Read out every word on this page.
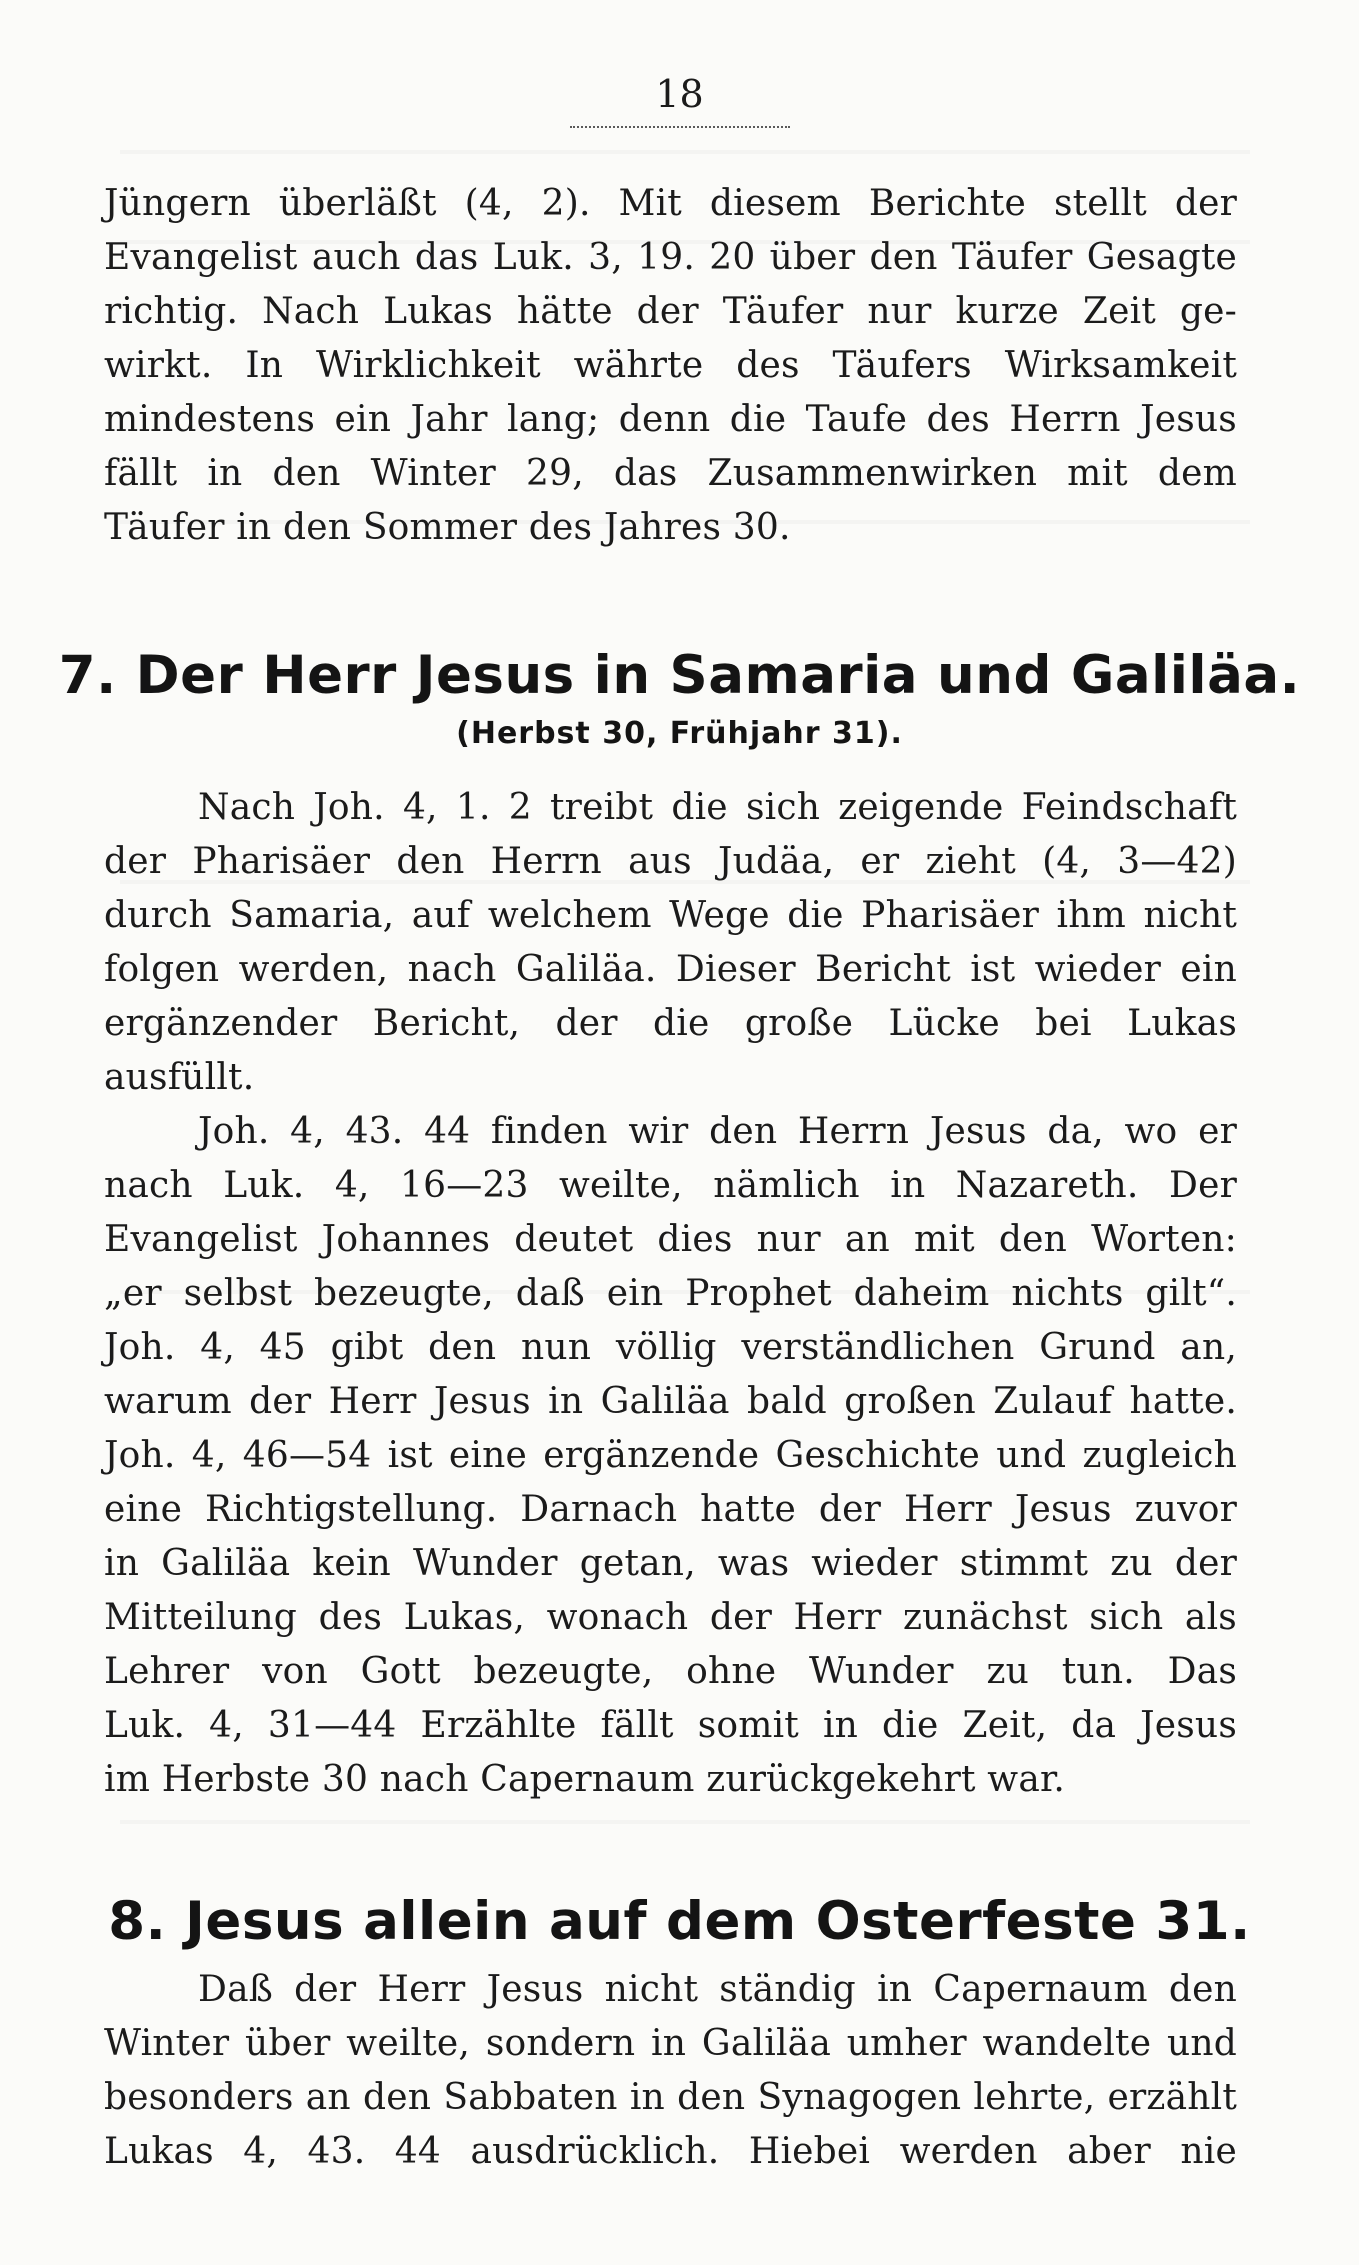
18
Jüngern überläßt (4, 2). Mit diesem Berichte stellt der
Evangelist auch das Luk. 3, 19. 20 über den Täufer Gesagte
richtig. Nach Lukas hätte der Täufer nur kurze Zeit ge-
wirkt. In Wirklichkeit währte des Täufers Wirksamkeit
mindestens ein Jahr lang; denn die Taufe des Herrn Jesus
fällt in den Winter 29, das Zusammenwirken mit dem
Täufer in den Sommer des Jahres 30.
7. Der Herr Jesus in Samaria und Galiläa.
(Herbst 30, Frühjahr 31).
Nach Joh. 4, 1. 2 treibt die sich zeigende Feindschaft
der Pharisäer den Herrn aus Judäa, er zieht (4, 3—42)
durch Samaria, auf welchem Wege die Pharisäer ihm nicht
folgen werden, nach Galiläa. Dieser Bericht ist wieder ein
ergänzender Bericht, der die große Lücke bei Lukas
ausfüllt.
Joh. 4, 43. 44 finden wir den Herrn Jesus da, wo er
nach Luk. 4, 16—23 weilte, nämlich in Nazareth. Der
Evangelist Johannes deutet dies nur an mit den Worten:
„er selbst bezeugte, daß ein Prophet daheim nichts gilt“.
Joh. 4, 45 gibt den nun völlig verständlichen Grund an,
warum der Herr Jesus in Galiläa bald großen Zulauf hatte.
Joh. 4, 46—54 ist eine ergänzende Geschichte und zugleich
eine Richtigstellung. Darnach hatte der Herr Jesus zuvor
in Galiläa kein Wunder getan, was wieder stimmt zu der
Mitteilung des Lukas, wonach der Herr zunächst sich als
Lehrer von Gott bezeugte, ohne Wunder zu tun. Das
Luk. 4, 31—44 Erzählte fällt somit in die Zeit, da Jesus
im Herbste 30 nach Capernaum zurückgekehrt war.
8. Jesus allein auf dem Osterfeste 31.
Daß der Herr Jesus nicht ständig in Capernaum den
Winter über weilte, sondern in Galiläa umher wandelte und
besonders an den Sabbaten in den Synagogen lehrte, erzählt
Lukas 4, 43. 44 ausdrücklich. Hiebei werden aber nie
